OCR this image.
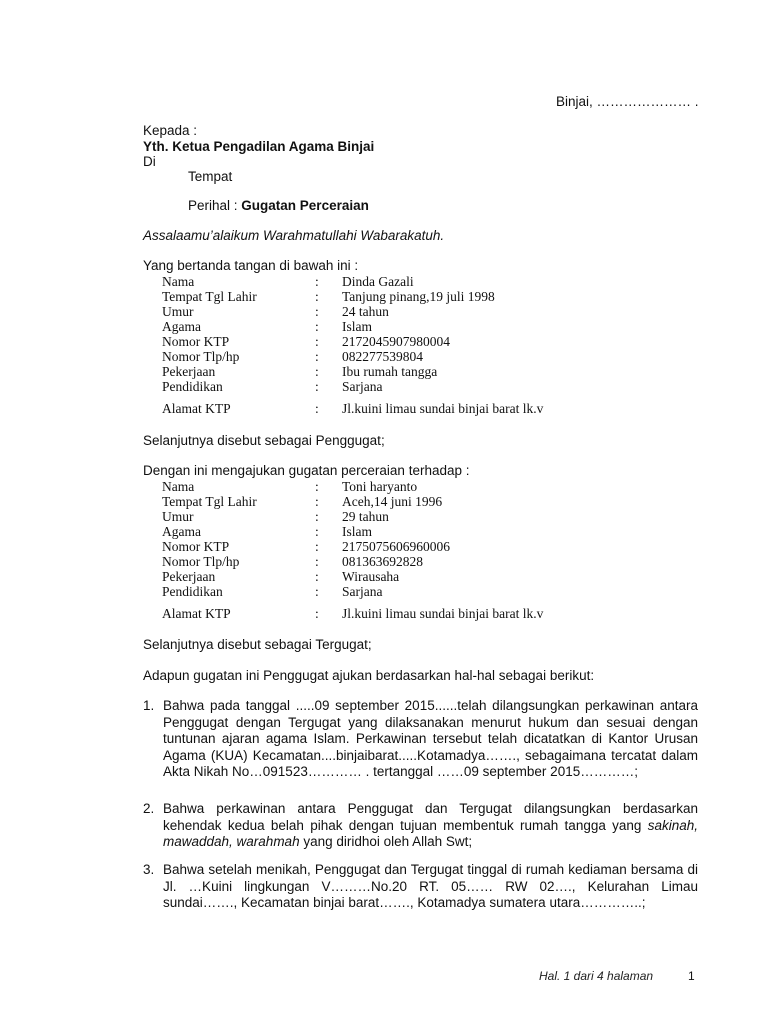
Binjai, ………………… .
Kepada :
Yth. Ketua Pengadilan Agama Binjai
Di
Tempat
Perihal : Gugatan Perceraian
Assalaamu’alaikum Warahmatullahi Wabarakatuh.
Yang bertanda tangan di bawah ini :
Nama	: Dinda Gazali
Tempat Tgl Lahir	: Tanjung pinang,19 juli 1998
Umur	: 24 tahun
Agama	: Islam
Nomor KTP	: 2172045907980004
Nomor Tlp/hp	: 082277539804
Pekerjaan	: Ibu rumah tangga
Pendidikan	: Sarjana
Alamat KTP	: Jl.kuini limau sundai binjai barat lk.v
Selanjutnya disebut sebagai Penggugat;
Dengan ini mengajukan gugatan perceraian terhadap :
Nama	: Toni haryanto
Tempat Tgl Lahir	: Aceh,14 juni 1996
Umur	: 29 tahun
Agama	: Islam
Nomor KTP	: 2175075606960006
Nomor Tlp/hp	: 081363692828
Pekerjaan	: Wirausaha
Pendidikan	: Sarjana
Alamat KTP	: Jl.kuini limau sundai binjai barat lk.v
Selanjutnya disebut sebagai Tergugat;
Adapun gugatan ini Penggugat ajukan berdasarkan hal-hal sebagai berikut:
1. Bahwa pada tanggal .....09 september 2015......telah dilangsungkan perkawinan antara Penggugat dengan Tergugat yang dilaksanakan menurut hukum dan sesuai dengan tuntunan ajaran agama Islam. Perkawinan tersebut telah dicatatkan di Kantor Urusan Agama (KUA) Kecamatan....binjaibarat.....Kotamadya……., sebagaimana tercatat dalam Akta Nikah No…091523………… . tertanggal ……09 september 2015…………;
2. Bahwa perkawinan antara Penggugat dan Tergugat dilangsungkan berdasarkan kehendak kedua belah pihak dengan tujuan membentuk rumah tangga yang sakinah, mawaddah, warahmah yang diridhoi oleh Allah Swt;
3. Bahwa setelah menikah, Penggugat dan Tergugat tinggal di rumah kediaman bersama di Jl. …Kuini lingkungan V………No.20 RT. 05…… RW 02…., Kelurahan Limau sundai……., Kecamatan binjai barat……., Kotamadya sumatera utara…………..;
Hal. 1 dari 4 halaman	1
